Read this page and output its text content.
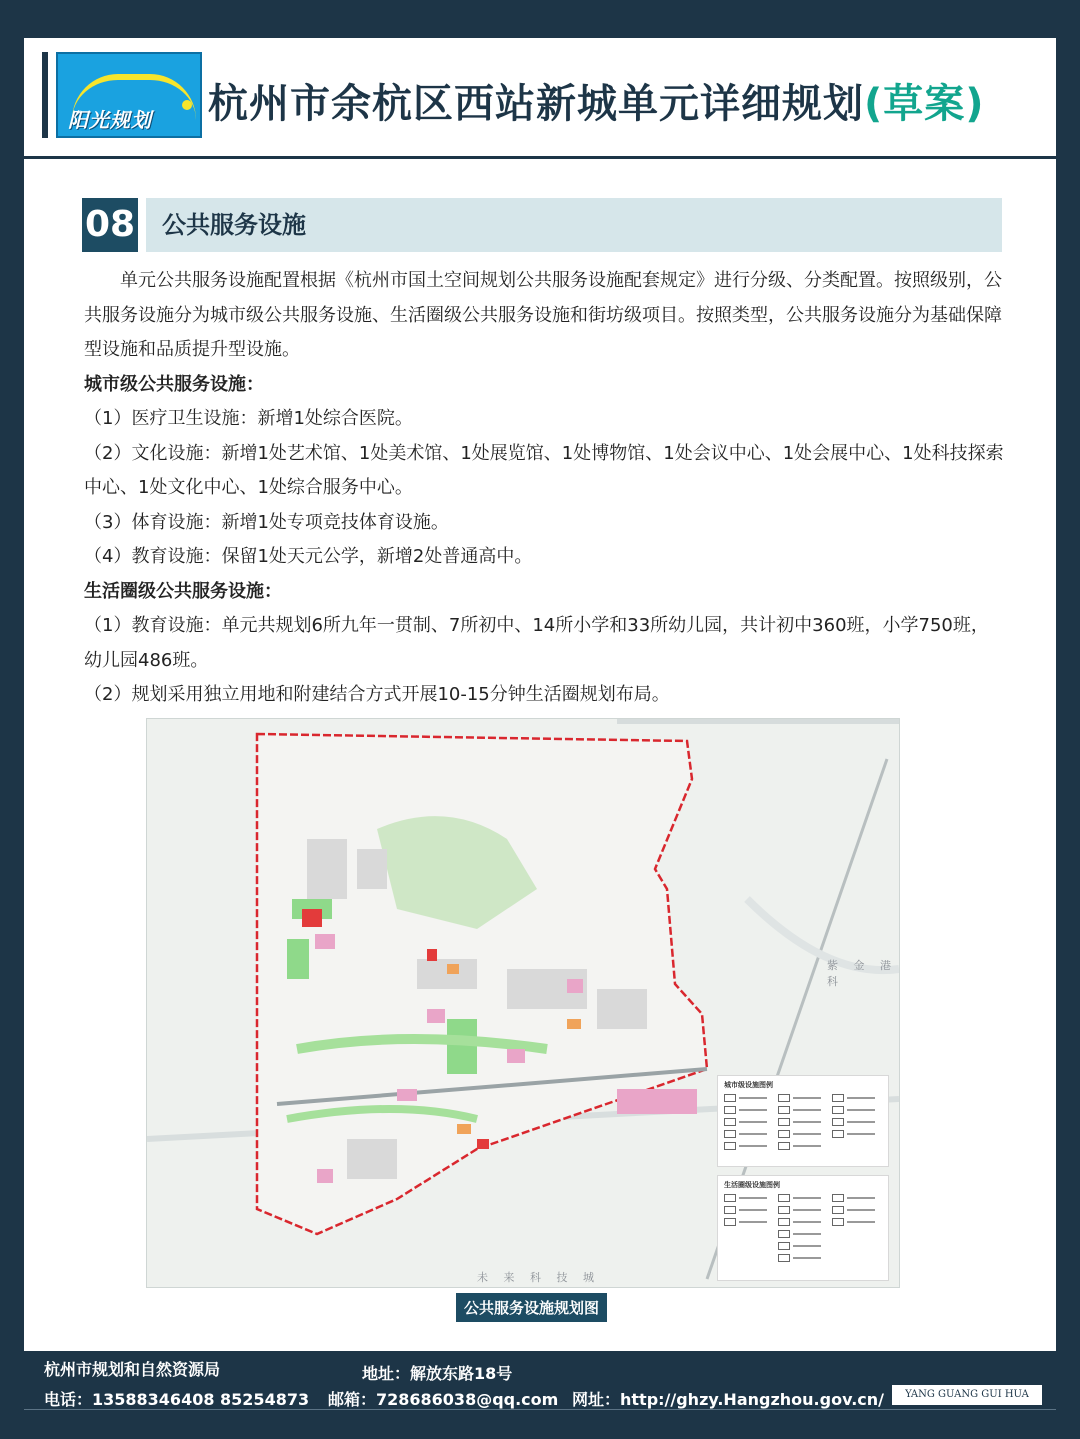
阳光规划 杭州市余杭区西站新城单元详细规划(草案)
08 公共服务设施

单元公共服务设施配置根据《杭州市国土空间规划公共服务设施配套规定》进行分级、分类配置。按照级别，公共服务设施分为城市级公共服务设施、生活圈级公共服务设施和街坊级项目。按照类型，公共服务设施分为基础保障型设施和品质提升型设施。

城市级公共服务设施：

（1）医疗卫生设施：新增1处综合医院。

（2）文化设施：新增1处艺术馆、1处美术馆、1处展览馆、1处博物馆、1处会议中心、1处会展中心、1处科技探索中心、1处文化中心、1处综合服务中心。

（3）体育设施：新增1处专项竞技体育设施。

（4）教育设施：保留1处天元公学，新增2处普通高中。

生活圈级公共服务设施：

（1）教育设施：单元共规划6所九年一贯制、7所初中、14所小学和33所幼儿园，共计初中360班，小学750班，幼儿园486班。

（2）规划采用独立用地和附建结合方式开展10-15分钟生活圈规划布局。

城市级设施图例
生活圈级设施图例
紫 金 港 科
未 来 科 技 城
公共服务设施规划图
杭州市规划和自然资源局	地址：解放东路18号
电话：13588346408 85254873 邮箱：728686038@qq.com 网址：http://ghzy.Hangzhou.gov.cn/	YANG GUANG GUI HUA
